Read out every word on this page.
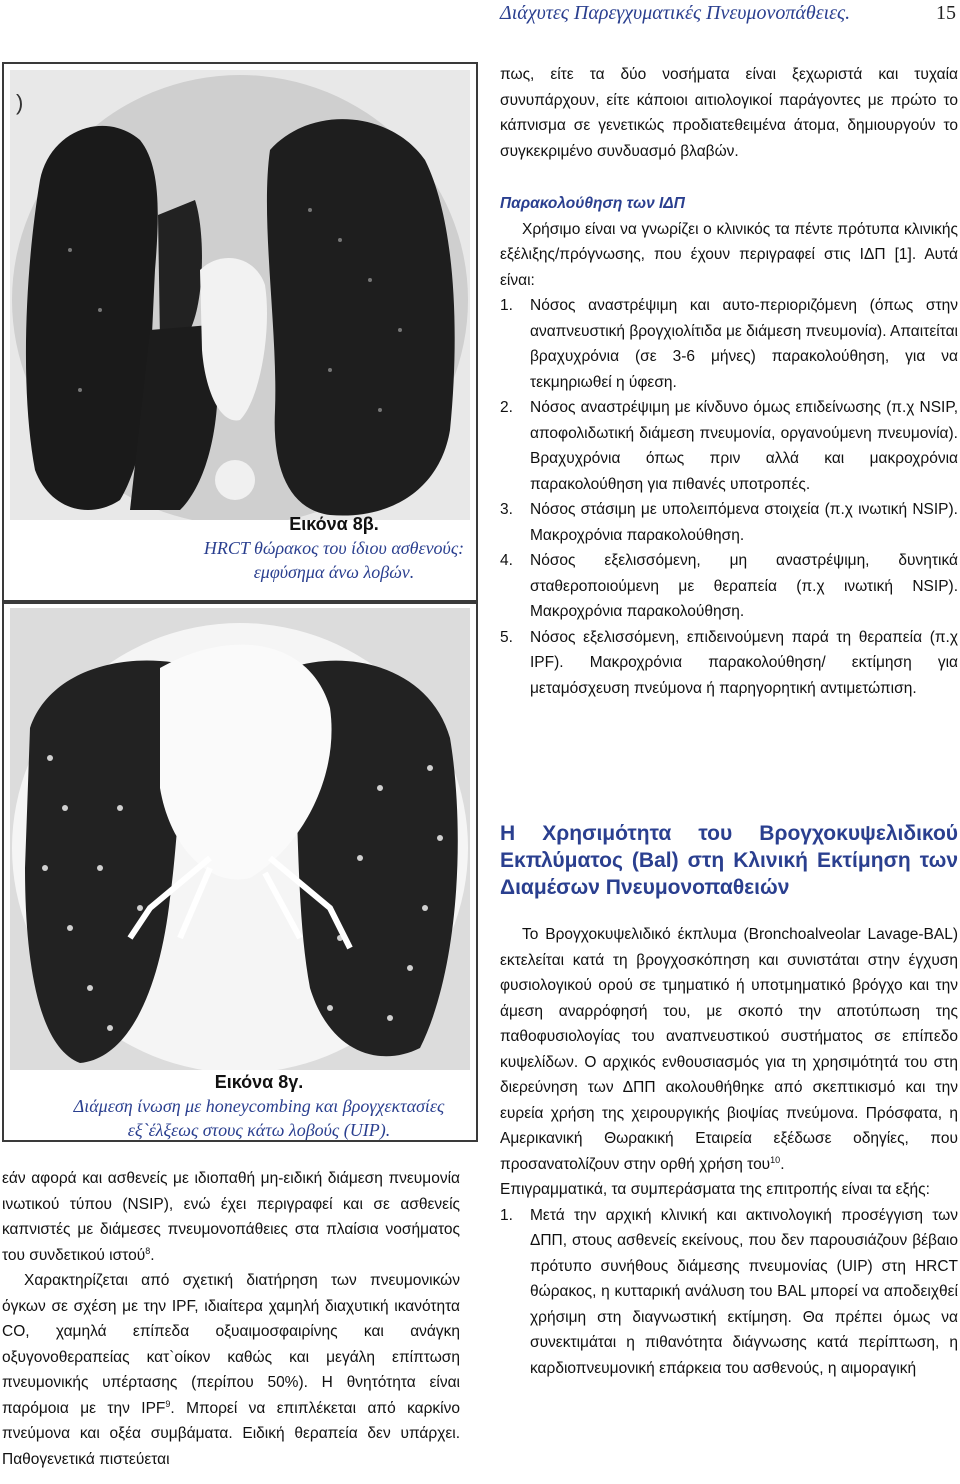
Διάχυτες Παρεγχυματικές Πνευμονοπάθειες.	15
)
Εικόνα 8β.
HRCT θώρακος του ίδιου ασθενούς: εμφύσημα άνω λοβών.
Εικόνα 8γ.
Διάμεση ίνωση με honeycombing και βρογχεκτασίες εξ`έλξεως στους κάτω λοβούς (UIP).

εάν αφορά και ασθενείς με ιδιοπαθή μη-ειδική διάμεση πνευμονία ινωτικού τύπου (NSIP), ενώ έχει περιγραφεί και σε ασθενείς καπνιστές με διάμεσες πνευμονοπάθειες στα πλαίσια νοσήματος του συνδετικού ιστού$^8$.

Χαρακτηρίζεται από σχετική διατήρηση των πνευμονικών όγκων σε σχέση με την IPF, ιδιαίτερα χαμηλή διαχυτική ικανότητα CO, χαμηλά επίπεδα οξυαιμοσφαιρίνης και ανάγκη οξυγονοθεραπείας κατ`οίκον καθώς και μεγάλη επίπτωση πνευμονικής υπέρτασης (περίπου 50%). Η θνητότητα είναι παρόμοια με την IPF$^9$. Μπορεί να επιπλέκεται από καρκίνο πνεύμονα και οξέα συμβάματα. Ειδική θεραπεία δεν υπάρχει. Παθογενετικά πιστεύεται

πως, είτε τα δύο νοσήματα είναι ξεχωριστά και τυχαία συνυπάρχουν, είτε κάποιοι αιτιολογικοί παράγοντες με πρώτο το κάπνισμα σε γενετικώς προδιατεθειμένα άτομα, δημιουργούν το συγκεκριμένο συνδυασμό βλαβών.

Παρακολούθηση των ΙΔΠ

Χρήσιμο είναι να γνωρίζει ο κλινικός τα πέντε πρότυπα κλινικής εξέλιξης/πρόγνωσης, που έχουν περιγραφεί στις ΙΔΠ [1]. Αυτά είναι:

1. Νόσος αναστρέψιμη και αυτο-περιοριζόμενη (όπως στην αναπνευστική βρογχιολίτιδα με διάμεση πνευμονία). Απαιτείται βραχυχρόνια (σε 3-6 μήνες) παρακολούθηση, για να τεκμηριωθεί η ύφεση.
2. Νόσος αναστρέψιμη με κίνδυνο όμως επιδείνωσης (π.χ NSIP, αποφολιδωτική διάμεση πνευμονία, οργανούμενη πνευμονία). Βραχυχρόνια όπως πριν αλλά και μακροχρόνια παρακολούθηση για πιθανές υποτροπές.
3. Νόσος στάσιμη με υπολειπόμενα στοιχεία (π.χ ινωτική NSIP). Μακροχρόνια παρακολούθηση.
4. Νόσος εξελισσόμενη, μη αναστρέψιμη, δυνητικά σταθεροποιούμενη με θεραπεία (π.χ ινωτική NSIP). Μακροχρόνια παρακολούθηση.
5. Νόσος εξελισσόμενη, επιδεινούμενη παρά τη θεραπεία (π.χ IPF). Μακροχρόνια παρακολούθηση/ εκτίμηση για μεταμόσχευση πνεύμονα ή παρηγορητική αντιμετώπιση.
Η Χρησιμότητα του Βρογχοκυψελιδικού Εκπλύματος (Bal) στη Κλινική Εκτίμηση των Διαμέσων Πνευμονοπαθειών

Το Βρογχοκυψελιδικό έκπλυμα (Bronchoalveolar Lavage-BAL) εκτελείται κατά τη βρογχοσκόπηση και συνιστάται στην έγχυση φυσιολογικού ορού σε τμηματικό ή υποτμηματικό βρόγχο και την άμεση αναρρόφησή του, με σκοπό την αποτύπωση της παθοφυσιολογίας του αναπνευστικού συστήματος σε επίπεδο κυψελίδων. Ο αρχικός ενθουσιασμός για τη χρησιμότητά του στη διερεύνηση των ΔΠΠ ακολουθήθηκε από σκεπτικισμό και την ευρεία χρήση της χειρουργικής βιοψίας πνεύμονα. Πρόσφατα, η Αμερικανική Θωρακική Εταιρεία εξέδωσε οδηγίες, που προσανατολίζουν στην ορθή χρήση του$^{10}$.

Επιγραμματικά, τα συμπεράσματα της επιτροπής είναι τα εξής:

1. Μετά την αρχική κλινική και ακτινολογική προσέγγιση των ΔΠΠ, στους ασθενείς εκείνους, που δεν παρουσιάζουν βέβαιο πρότυπο συνήθους διάμεσης πνευμονίας (UIP) στη HRCT θώρακος, η κυτταρική ανάλυση του BAL μπορεί να αποδειχθεί χρήσιμη στη διαγνωστική εκτίμηση. Θα πρέπει όμως να συνεκτιμάται η πιθανότητα διάγνωσης κατά περίπτωση, η καρδιοπνευμονική επάρκεια του ασθενούς, η αιμοραγική
